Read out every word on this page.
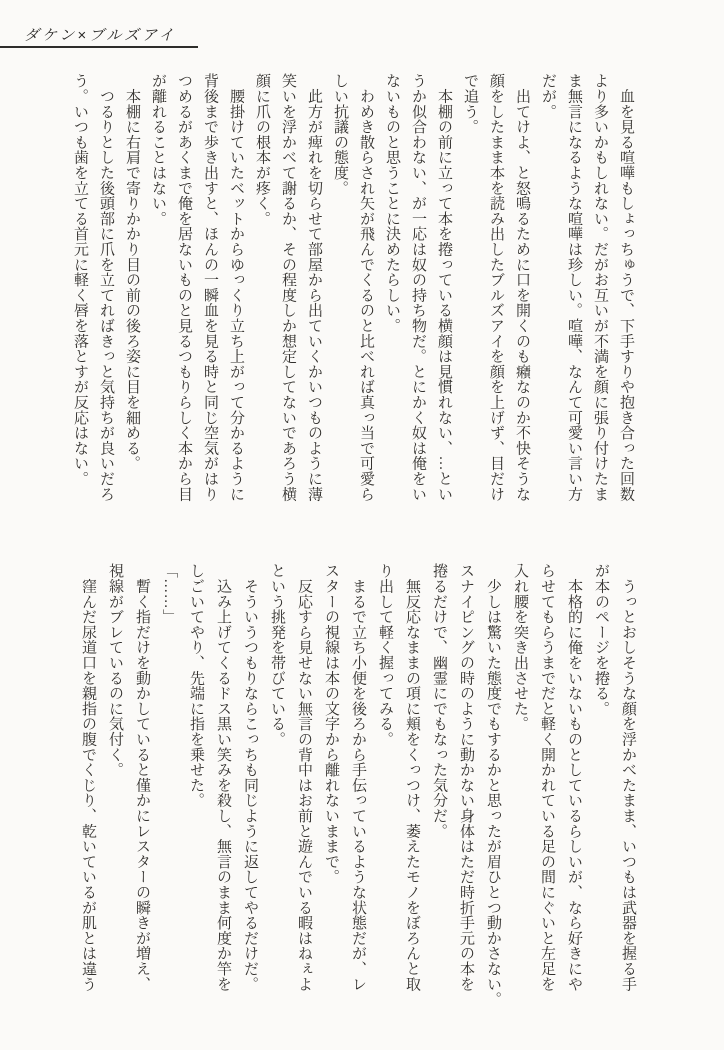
ダケン×ブルズアイ

　血を見る喧嘩もしょっちゅうで、下手すりや抱き合った回数

より多いかもしれない。だがお互いが不満を顔に張り付けたま

ま無言になるような喧嘩は珍しい。喧嘩、なんて可愛い言い方

だが。

　出てけよ、と怒鳴るために口を開くのも癪なのか不快そうな

顔をしたまま本を読み出したブルズアイを顔を上げず、目だけ

で追う。

　本棚の前に立って本を捲っている横顔は見慣れない、…とい

うか似合わない、が一応は奴の持ち物だ。とにかく奴は俺をい

ないものと思うことに決めたらしい。

　わめき散らされ矢が飛んでくるのと比べれば真っ当で可愛ら

しい抗議の態度。

　此方が痺れを切らせて部屋から出ていくかいつものように薄

笑いを浮かべて謝るか、その程度しか想定してないであろう横

顔に爪の根本が疼く。

　腰掛けていたベットからゆっくり立ち上がって分かるように

背後まで歩き出すと、ほんの一瞬血を見る時と同じ空気がはり

つめるがあくまで俺を居ないものと見るつもりらしく本から目

が離れることはない。

　本棚に右肩で寄りかかり目の前の後ろ姿に目を細める。

　つるりとした後頭部に爪を立てればきっと気持ちが良いだろ

う。いつも歯を立てる首元に軽く唇を落とすが反応はない。

　うっとおしそうな顔を浮かべたまま、いつもは武器を握る手

が本のページを捲る。

　本格的に俺をいないものとしているらしいが、なら好きにや

らせてもらうまでだと軽く開かれている足の間にぐいと左足を

入れ腰を突き出させた。

　少しは驚いた態度でもするかと思ったが眉ひとつ動かさない。

スナイピングの時のように動かない身体はただ時折手元の本を

捲るだけで、幽霊にでもなった気分だ。

　無反応なままの項に頬をくっつけ、萎えたモノをぼろんと取

り出して軽く握ってみる。

　まるで立ち小便を後ろから手伝っているような状態だが、レ

スターの視線は本の文字から離れないままで。

　反応すら見せない無言の背中はお前と遊んでいる暇はねぇよ

という挑発を帯びている。

　そういうつもりならこっちも同じように返してやるだけだ。

　込み上げてくるドス黒い笑みを殺し、無言のまま何度か竿を

しごいてやり、先端に指を乗せた。

「……」

　暫く指だけを動かしていると僅かにレスターの瞬きが増え、

視線がブレているのに気付く。

　窪んだ尿道口を親指の腹でくじり、乾いているが肌とは違う
